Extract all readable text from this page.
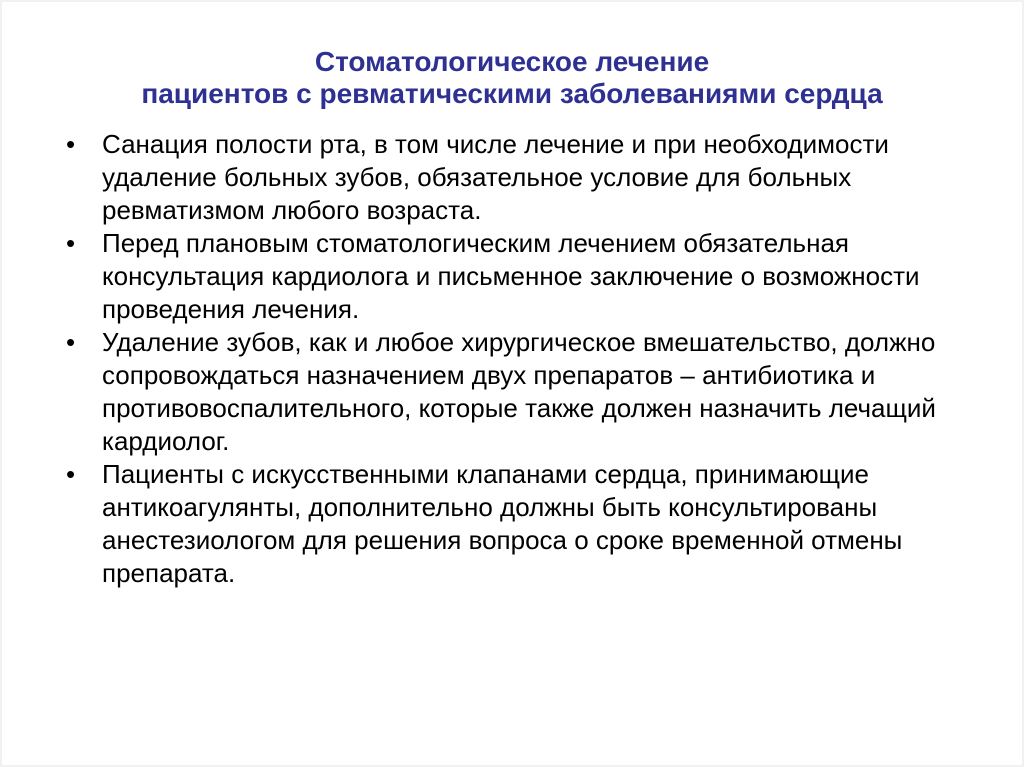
Стоматологическое лечение
пациентов с ревматическими заболеваниями сердца
• Санация полости рта, в том числе лечение и при необходимости удаление больных зубов, обязательное условие для больных ревматизмом любого возраста.
• Перед плановым стоматологическим лечением обязательная консультация кардиолога и письменное заключение о возможности проведения лечения.
• Удаление зубов, как и любое хирургическое вмешательство, должно сопровождаться назначением двух препаратов – антибиотика и противовоспалительного, которые также должен назначить лечащий кардиолог.
• Пациенты с искусственными клапанами сердца, принимающие антикоагулянты, дополнительно должны быть консультированы анестезиологом для решения вопроса о сроке временной отмены препарата.
